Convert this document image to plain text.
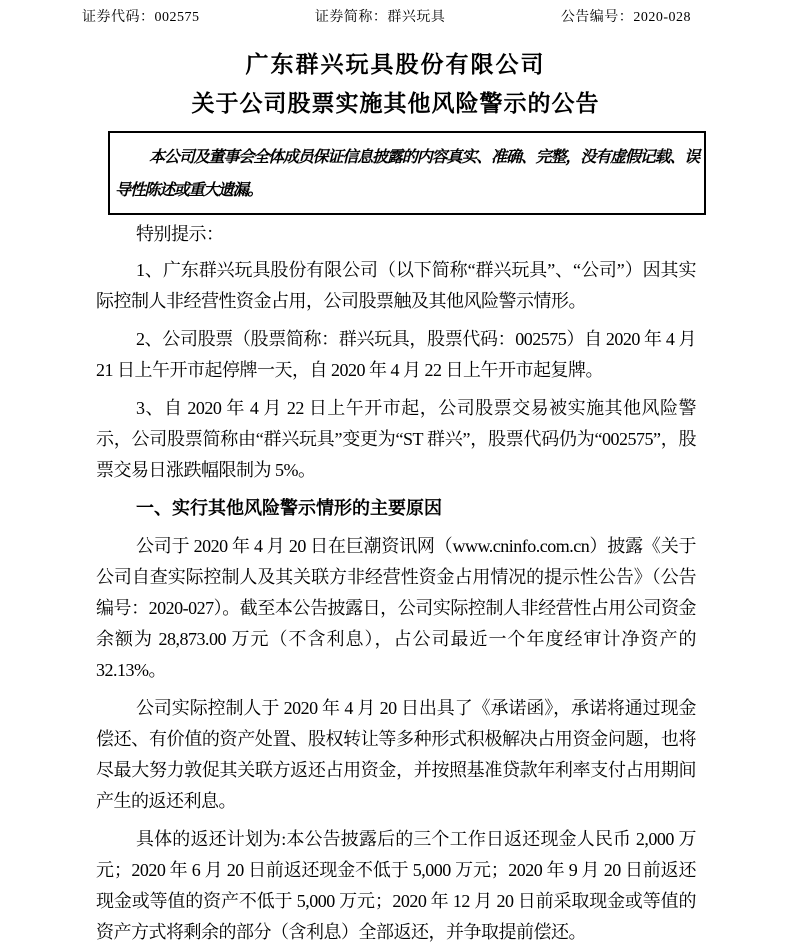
证券代码：002575	证券简称：群兴玩具	公告编号：2020-028
广东群兴玩具股份有限公司
关于公司股票实施其他风险警示的公告

本公司及董事会全体成员保证信息披露的内容真实、准确、完整，没有虚假记载、误导性陈述或重大遗漏。

特别提示：

1、广东群兴玩具股份有限公司（以下简称“群兴玩具”、“公司”）因其实际控制人非经营性资金占用，公司股票触及其他风险警示情形。

2、公司股票（股票简称：群兴玩具，股票代码：002575）自 2020 年 4 月 21 日上午开市起停牌一天，自 2020 年 4 月 22 日上午开市起复牌。

3、自 2020 年 4 月 22 日上午开市起，公司股票交易被实施其他风险警示，公司股票简称由“群兴玩具”变更为“ST 群兴”，股票代码仍为“002575”，股票交易日涨跌幅限制为 5%。

一、实行其他风险警示情形的主要原因

公司于 2020 年 4 月 20 日在巨潮资讯网（www.cninfo.com.cn）披露《关于公司自查实际控制人及其关联方非经营性资金占用情况的提示性公告》（公告编号：2020-027）。截至本公告披露日，公司实际控制人非经营性占用公司资金余额为 28,873.00 万元（不含利息），占公司最近一个年度经审计净资产的 32.13%。

公司实际控制人于 2020 年 4 月 20 日出具了《承诺函》，承诺将通过现金偿还、有价值的资产处置、股权转让等多种形式积极解决占用资金问题，也将尽最大努力敦促其关联方返还占用资金，并按照基准贷款年利率支付占用期间产生的返还利息。

具体的返还计划为:本公告披露后的三个工作日返还现金人民币 2,000 万元；2020 年 6 月 20 日前返还现金不低于 5,000 万元；2020 年 9 月 20 日前返还现金或等值的资产不低于 5,000 万元；2020 年 12 月 20 日前采取现金或等值的资产方式将剩余的部分（含利息）全部返还，并争取提前偿还。
